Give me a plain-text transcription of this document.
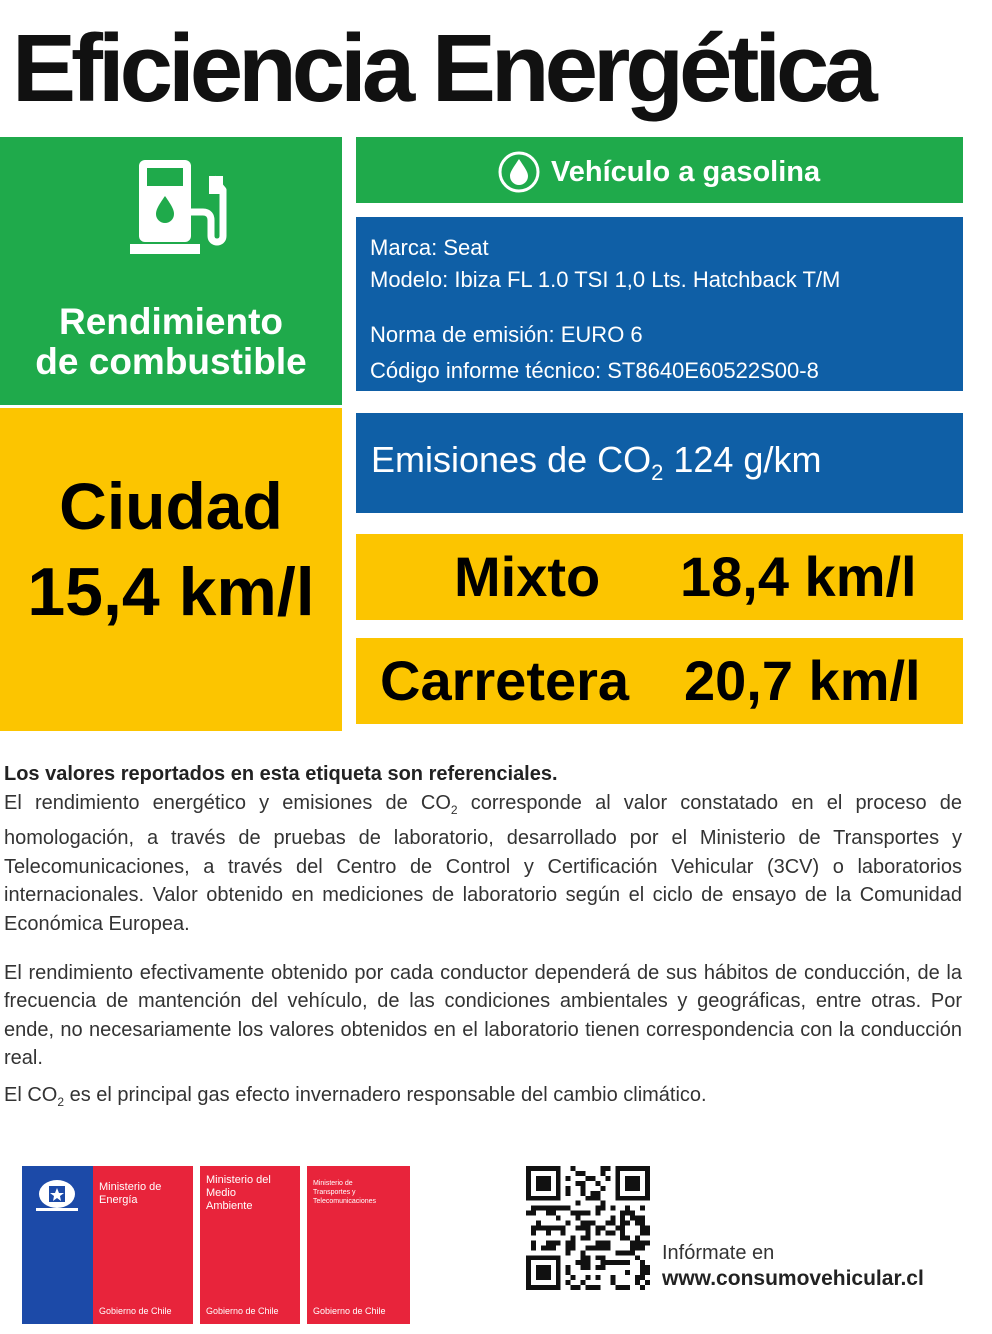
Eficiencia Energética
Rendimiento
de combustible
Ciudad
15,4 km/l
Vehículo a gasolina
Marca: Seat
Modelo: Ibiza FL 1.0 TSI 1,0 Lts. Hatchback T/M
Norma de emisión: EURO 6
Código informe técnico: ST8640E60522S00-8
Emisiones de $CO_2$ 124 g/km
Mixto 18,4 km/l
Carretera 20,7 km/l
Los valores reportados en esta etiqueta son referenciales.
El rendimiento energético y emisiones de $CO_2$ corresponde al valor constatado en el proceso de homologación, a través de pruebas de laboratorio, desarrollado por el Ministerio de Transportes y Telecomunicaciones, a través del Centro de Control y Certificación Vehicular (3CV) o laboratorios internacionales. Valor obtenido en mediciones de laboratorio según el ciclo de ensayo de la Comunidad Económica Europea.
El rendimiento efectivamente obtenido por cada conductor dependerá de sus hábitos de conducción, de la frecuencia de mantención del vehículo, de las condiciones ambientales y geográficas, entre otras. Por ende, no necesariamente los valores obtenidos en el laboratorio tienen correspondencia con la conducción real.
El $CO_2$ es el principal gas efecto invernadero responsable del cambio climático.
Ministerio de
Energía
Gobierno de Chile
Ministerio del
Medio
Ambiente
Gobierno de Chile
Ministerio de
Transportes y
Telecomunicaciones
Gobierno de Chile
Infórmate en
www.consumovehicular.cl
